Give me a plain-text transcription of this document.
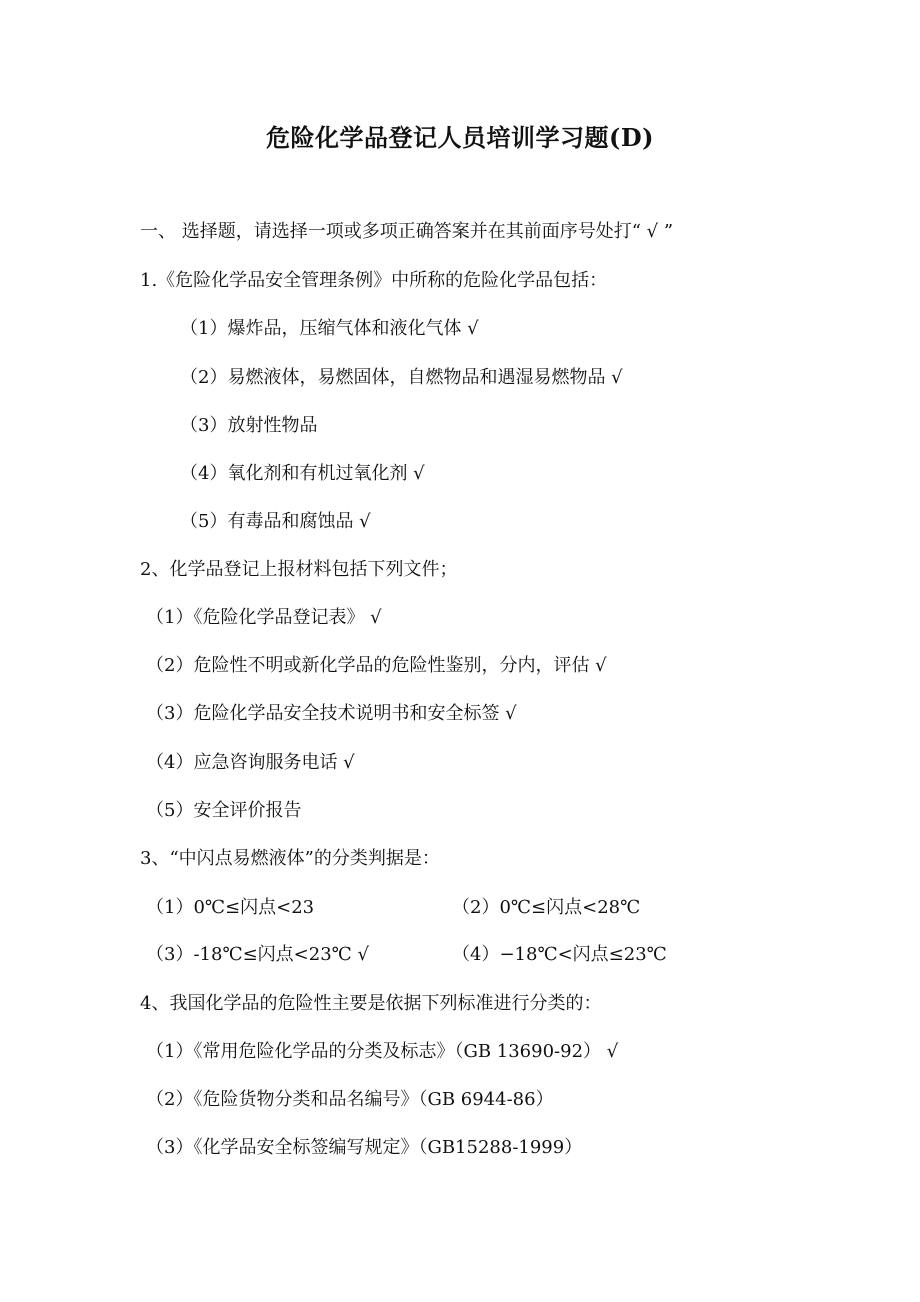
危险化学品登记人员培训学习题(D)

一、 选择题，请选择一项或多项正确答案并在其前面序号处打“ √ ”

1.《危险化学品安全管理条例》中所称的危险化学品包括：

（1）爆炸品，压缩气体和液化气体 √

（2）易燃液体，易燃固体，自燃物品和遇湿易燃物品 √

（3）放射性物品

（4）氧化剂和有机过氧化剂 √

（5）有毒品和腐蚀品 √

2、化学品登记上报材料包括下列文件；

（1）《危险化学品登记表》 √

（2）危险性不明或新化学品的危险性鉴别，分内，评估 √

（3）危险化学品安全技术说明书和安全标签 √

（4）应急咨询服务电话 √

（5）安全评价报告

3、“中闪点易燃液体”的分类判据是：

（1）0℃≤闪点<23	（2）0℃≤闪点<28℃

（3）-18℃≤闪点<23℃ √	（4）−18℃<闪点≤23℃

4、我国化学品的危险性主要是依据下列标准进行分类的：

（1）《常用危险化学品的分类及标志》（GB 13690-92） √

（2）《危险货物分类和品名编号》（GB 6944-86）

（3）《化学品安全标签编写规定》（GB15288-1999）
